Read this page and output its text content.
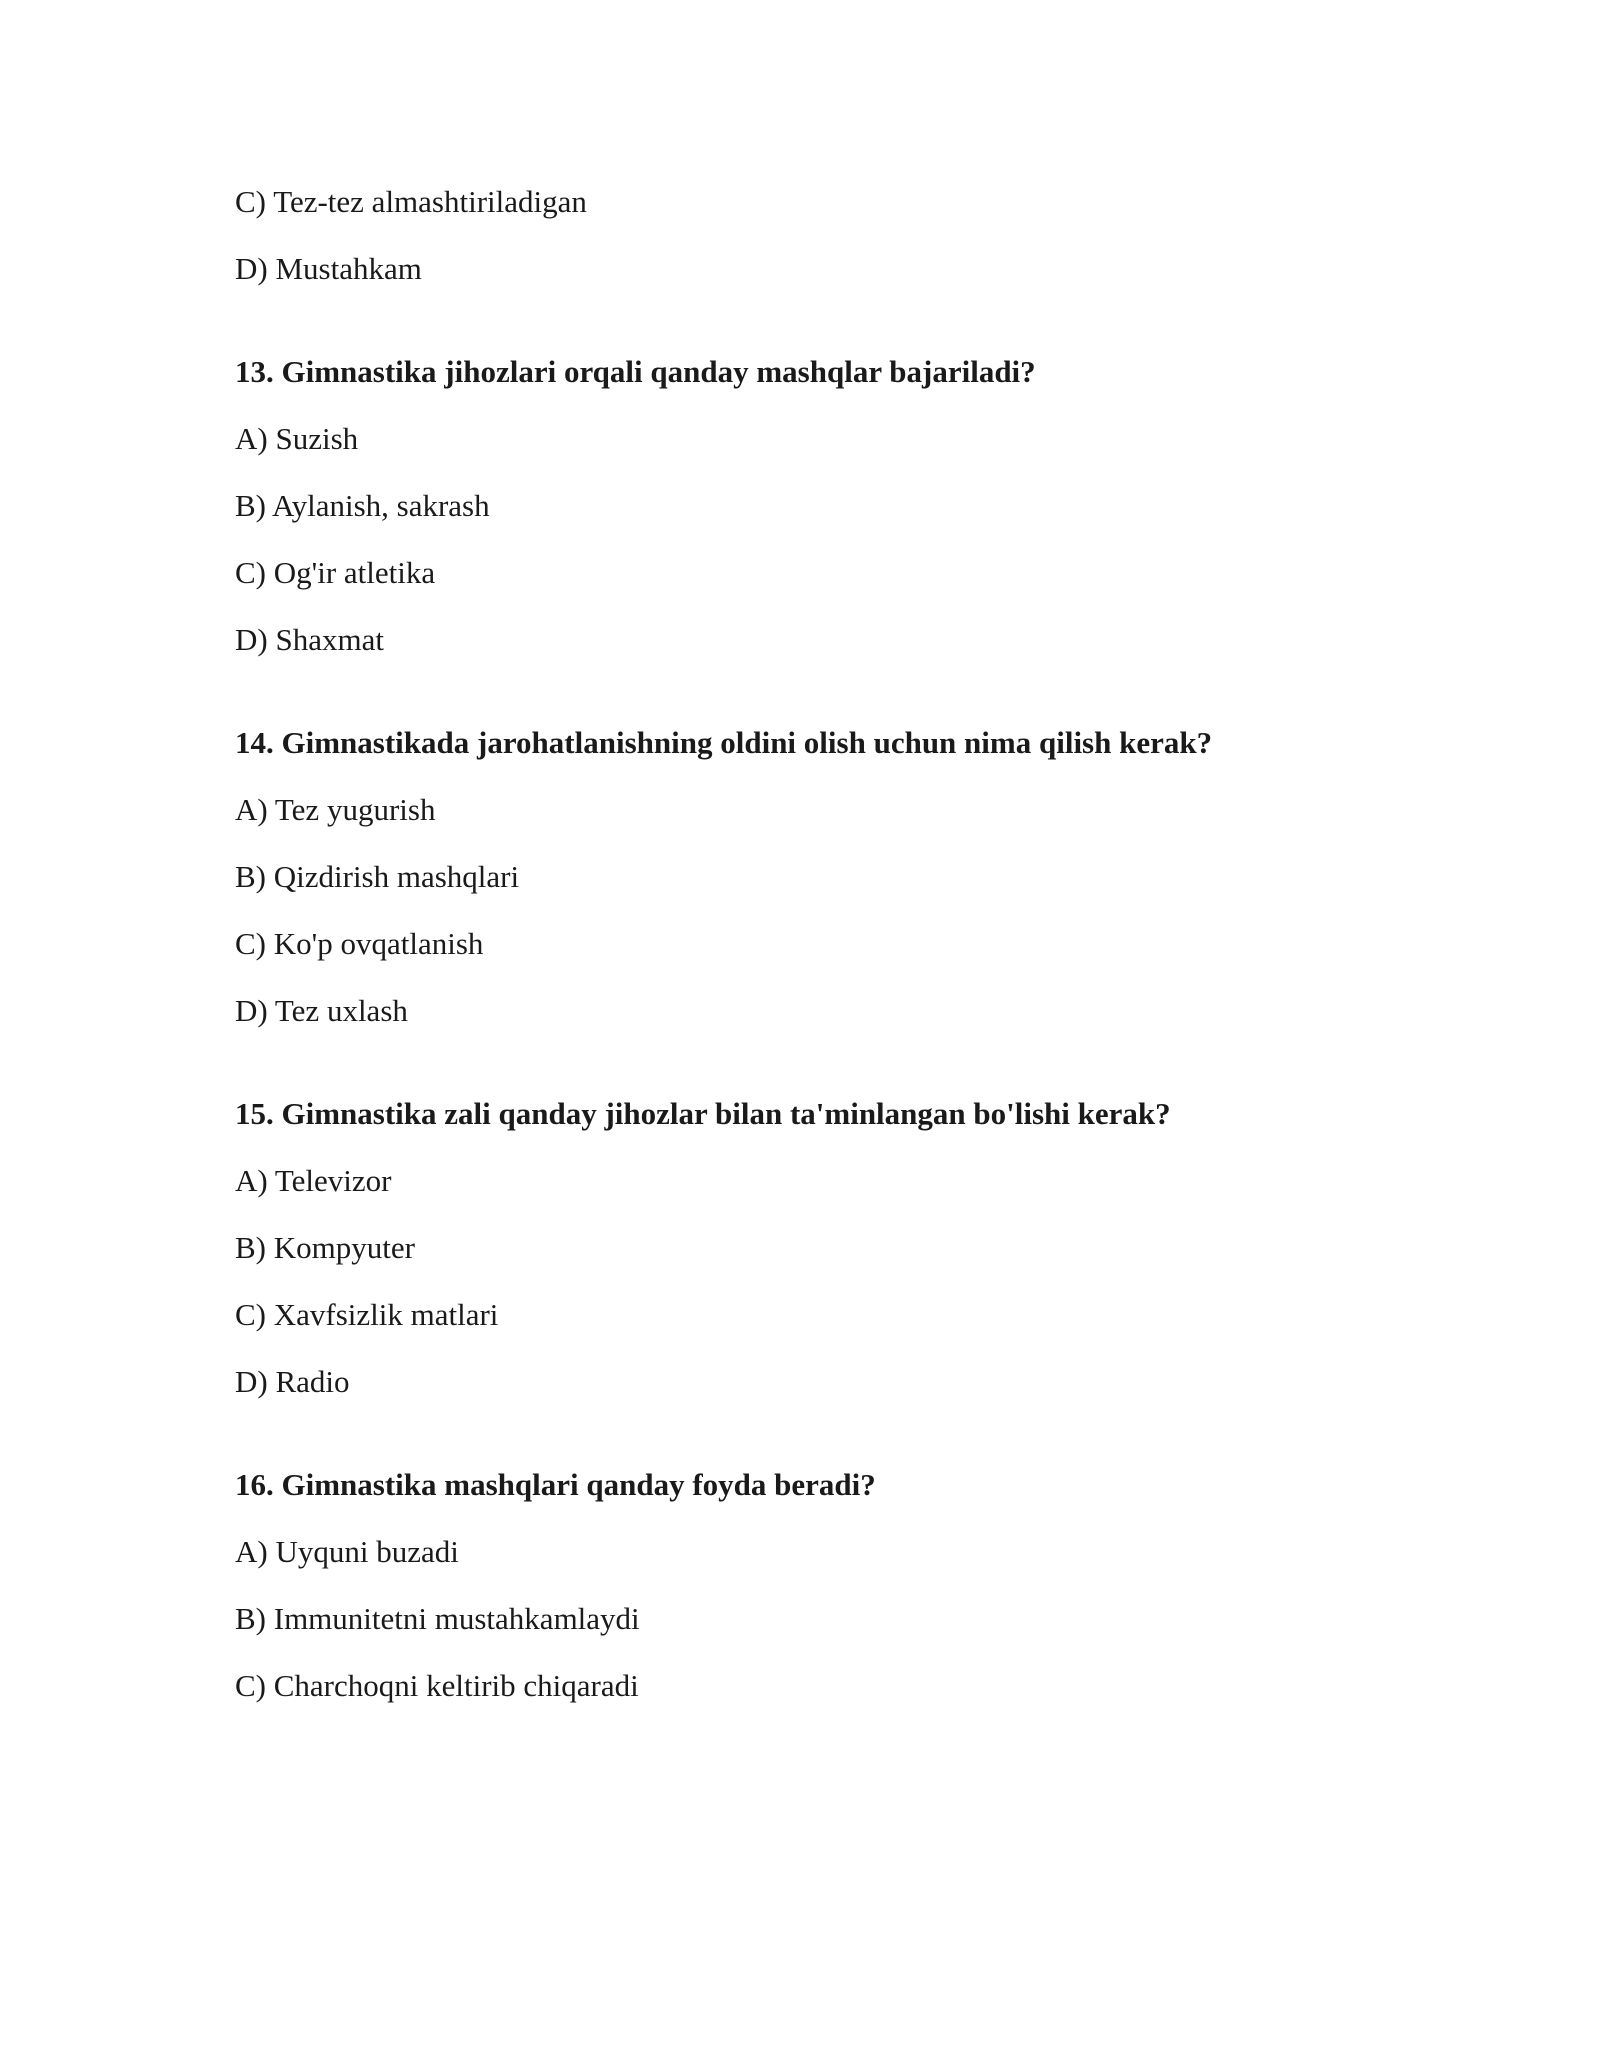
C) Tez-tez almashtiriladigan
D) Mustahkam
13. Gimnastika jihozlari orqali qanday mashqlar bajariladi?
A) Suzish
B) Aylanish, sakrash
C) Og'ir atletika
D) Shaxmat
14. Gimnastikada jarohatlanishning oldini olish uchun nima qilish kerak?
A) Tez yugurish
B) Qizdirish mashqlari
C) Ko'p ovqatlanish
D) Tez uxlash
15. Gimnastika zali qanday jihozlar bilan ta'minlangan bo'lishi kerak?
A) Televizor
B) Kompyuter
C) Xavfsizlik matlari
D) Radio
16. Gimnastika mashqlari qanday foyda beradi?
A) Uyquni buzadi
B) Immunitetni mustahkamlaydi
C) Charchoqni keltirib chiqaradi
